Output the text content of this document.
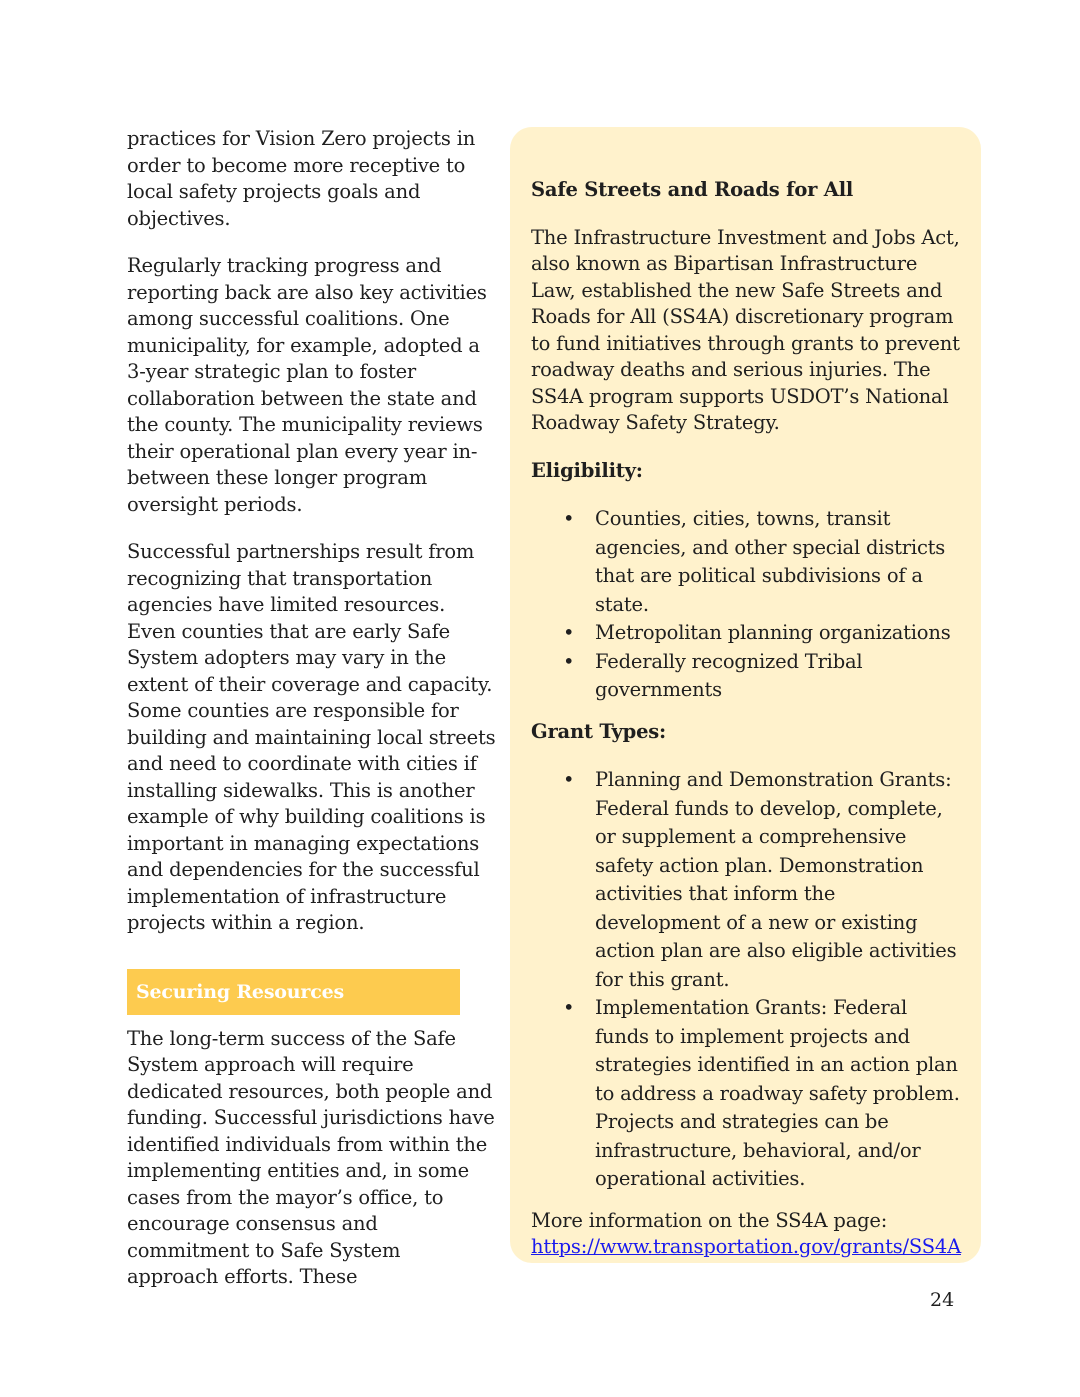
practices for Vision Zero projects in order to become more receptive to local safety projects goals and objectives.

Regularly tracking progress and reporting back are also key activities among successful coalitions. One municipality, for example, adopted a 3-year strategic plan to foster collaboration between the state and the county. The municipality reviews their operational plan every year in-between these longer program oversight periods.

Successful partnerships result from recognizing that transportation agencies have limited resources. Even counties that are early Safe System adopters may vary in the extent of their coverage and capacity. Some counties are responsible for building and maintaining local streets and need to coordinate with cities if installing sidewalks. This is another example of why building coalitions is important in managing expectations and dependencies for the successful implementation of infrastructure projects within a region.

Securing Resources

The long-term success of the Safe System approach will require dedicated resources, both people and funding. Successful jurisdictions have identified individuals from within the implementing entities and, in some cases from the mayor’s office, to encourage consensus and commitment to Safe System approach efforts. These

Safe Streets and Roads for All

The Infrastructure Investment and Jobs Act, also known as Bipartisan Infrastructure Law, established the new Safe Streets and Roads for All (SS4A) discretionary program to fund initiatives through grants to prevent roadway deaths and serious injuries. The SS4A program supports USDOT’s National Roadway Safety Strategy.

Eligibility:
• Counties, cities, towns, transit agencies, and other special districts that are political subdivisions of a state.
• Metropolitan planning organizations
• Federally recognized Tribal governments
Grant Types:
• Planning and Demonstration Grants: Federal funds to develop, complete, or supplement a comprehensive safety action plan. Demonstration activities that inform the development of a new or existing action plan are also eligible activities for this grant.
• Implementation Grants: Federal funds to implement projects and strategies identified in an action plan to address a roadway safety problem. Projects and strategies can be infrastructure, behavioral, and/or operational activities.
More information on the SS4A page:
https://www.transportation.gov/grants/SS4A
24
